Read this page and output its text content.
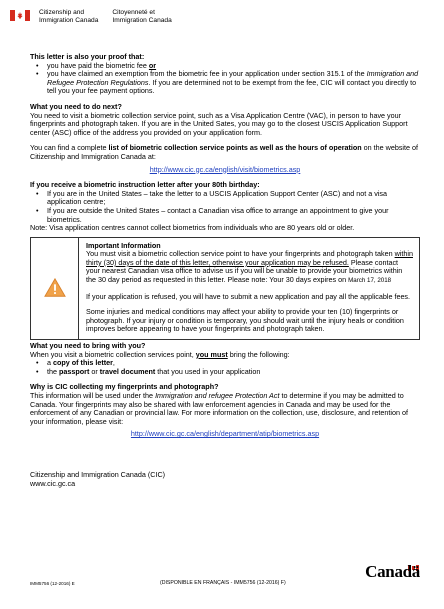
Citizenship and
Immigration Canada
Citoyenneté et
Immigration Canada

This letter is also your proof that:

• you have paid the biometric fee or
• you have claimed an exemption from the biometric fee in your application under section 315.1 of the Immigration and Refugee Protection Regulations. If you are determined not to be exempt from the fee, CIC will contact you directly to tell you your fee payment options.

What you need to do next?

You need to visit a biometric collection service point, such as a Visa Application Centre (VAC), in person to have your fingerprints and photograph taken. If you are in the United Sates, you may go to the closest USCIS Application Support center (ASC) office of the address you provided on your application form.

You can find a complete list of biometric collection service points as well as the hours of operation on the website of Citizenship and Immigration Canada at:

http://www.cic.gc.ca/english/visit/biometrics.asp

If you receive a biometric instruction letter after your 80th birthday:

• If you are in the United States – take the letter to a USCIS Application Support Center (ASC) and not a visa application centre;
• If you are outside the United States – contact a Canadian visa office to arrange an appointment to give your biometrics.

Note: Visa application centres cannot collect biometrics from individuals who are 80 years old or older.

Important Information

You must visit a biometric collection service point to have your fingerprints and photograph taken within thirty (30) days of the date of this letter, otherwise your application may be refused. Please contact your nearest Canadian visa office to advise us if you will be unable to provide your biometrics within the 30 day period as requested in this letter. Please note: Your 30 days expires on March 17, 2018

If your application is refused, you will have to submit a new application and pay all the applicable fees.

Some injuries and medical conditions may affect your ability to provide your ten (10) fingerprints or photograph. If your injury or condition is temporary, you should wait until the injury heals or condition improves before appearing to have your fingerprints and photograph taken.

What you need to bring with you?

When you visit a biometric collection services point, you must bring the following:

• a copy of this letter,
• the passport or travel document that you used in your application

Why is CIC collecting my fingerprints and photograph?

This information will be used under the Immigration and refugee Protection Act to determine if you may be admitted to Canada. Your fingerprints may also be shared with law enforcement agencies in Canada and may be used for the enforcement of any Canadian or provincial law. For more information on the collection, use, disclosure, and retention of your information, please visit:

http://www.cic.gc.ca/english/department/atip/biometrics.asp

Citizenship and Immigration Canada (CIC)

www.cic.gc.ca

IMM5756 (12-2016) E	(DISPONIBLE EN FRANÇAIS - IMM5756 (12-2016) F)
Canadä
